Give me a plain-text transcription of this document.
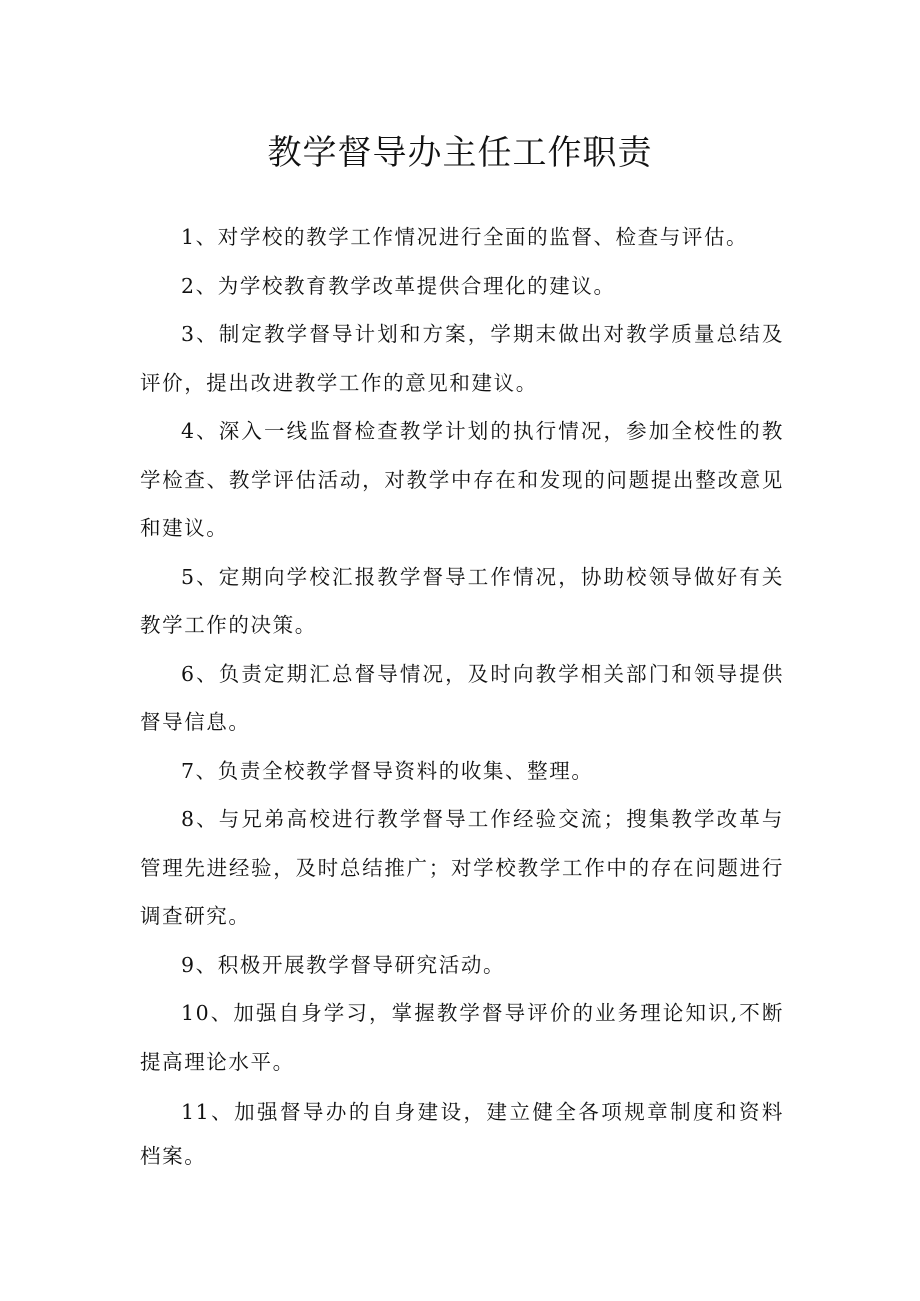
教学督导办主任工作职责

1、对学校的教学工作情况进行全面的监督、检查与评估。

2、为学校教育教学改革提供合理化的建议。

3、制定教学督导计划和方案，学期末做出对教学质量总结及评价，提出改进教学工作的意见和建议。

4、深入一线监督检查教学计划的执行情况，参加全校性的教学检查、教学评估活动，对教学中存在和发现的问题提出整改意见和建议。

5、定期向学校汇报教学督导工作情况，协助校领导做好有关教学工作的决策。

6、负责定期汇总督导情况，及时向教学相关部门和领导提供督导信息。

7、负责全校教学督导资料的收集、整理。

8、与兄弟高校进行教学督导工作经验交流；搜集教学改革与管理先进经验，及时总结推广；对学校教学工作中的存在问题进行调查研究。

9、积极开展教学督导研究活动。

10、加强自身学习，掌握教学督导评价的业务理论知识,不断提高理论水平。

11、加强督导办的自身建设，建立健全各项规章制度和资料档案。
